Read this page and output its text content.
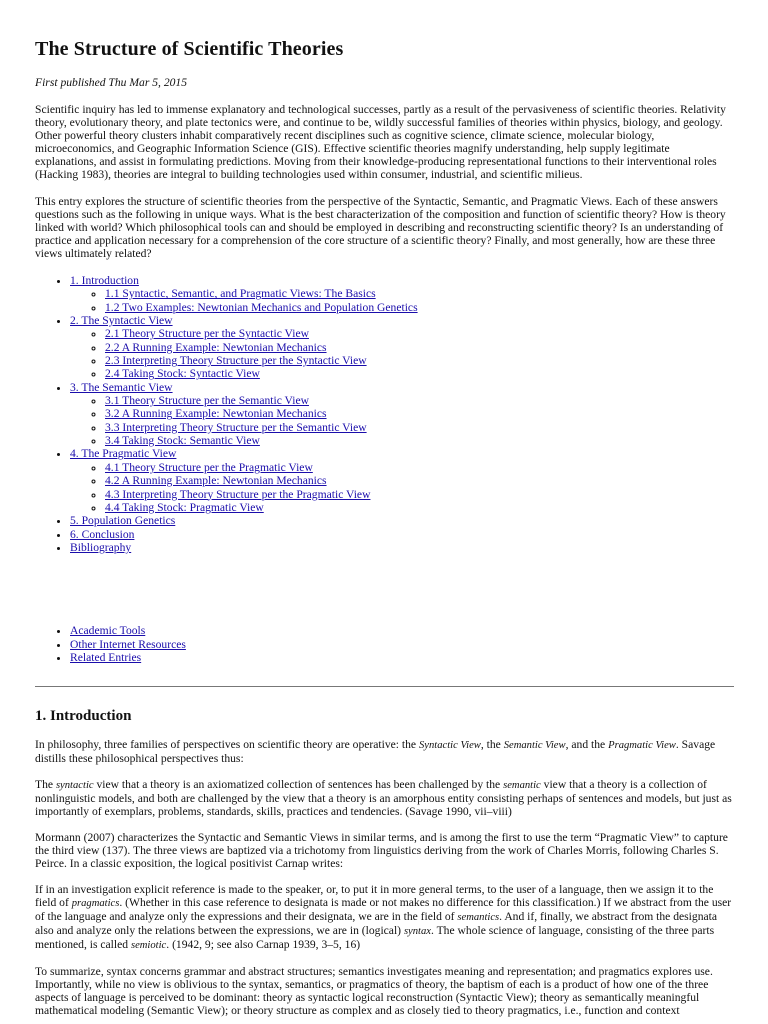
The Structure of Scientific Theories

First published Thu Mar 5, 2015

Scientific inquiry has led to immense explanatory and technological successes, partly as a result of the pervasiveness of scientific theories. Relativity theory, evolutionary theory, and plate tectonics were, and continue to be, wildly successful families of theories within physics, biology, and geology. Other powerful theory clusters inhabit comparatively recent disciplines such as cognitive science, climate science, molecular biology, microeconomics, and Geographic Information Science (GIS). Effective scientific theories magnify understanding, help supply legitimate explanations, and assist in formulating predictions. Moving from their knowledge-producing representational functions to their interventional roles (Hacking 1983), theories are integral to building technologies used within consumer, industrial, and scientific milieus.

This entry explores the structure of scientific theories from the perspective of the Syntactic, Semantic, and Pragmatic Views. Each of these answers questions such as the following in unique ways. What is the best characterization of the composition and function of scientific theory? How is theory linked with world? Which philosophical tools can and should be employed in describing and reconstructing scientific theory? Is an understanding of practice and application necessary for a comprehension of the core structure of a scientific theory? Finally, and most generally, how are these three views ultimately related?

• 1. Introduction
◦ 1.1 Syntactic, Semantic, and Pragmatic Views: The Basics
◦ 1.2 Two Examples: Newtonian Mechanics and Population Genetics
• 2. The Syntactic View
◦ 2.1 Theory Structure per the Syntactic View
◦ 2.2 A Running Example: Newtonian Mechanics
◦ 2.3 Interpreting Theory Structure per the Syntactic View
◦ 2.4 Taking Stock: Syntactic View
• 3. The Semantic View
◦ 3.1 Theory Structure per the Semantic View
◦ 3.2 A Running Example: Newtonian Mechanics
◦ 3.3 Interpreting Theory Structure per the Semantic View
◦ 3.4 Taking Stock: Semantic View
• 4. The Pragmatic View
◦ 4.1 Theory Structure per the Pragmatic View
◦ 4.2 A Running Example: Newtonian Mechanics
◦ 4.3 Interpreting Theory Structure per the Pragmatic View
◦ 4.4 Taking Stock: Pragmatic View
• 5. Population Genetics
• 6. Conclusion
• Bibliography
• Academic Tools
• Other Internet Resources
• Related Entries
1. Introduction

In philosophy, three families of perspectives on scientific theory are operative: the Syntactic View, the Semantic View, and the Pragmatic View. Savage distills these philosophical perspectives thus:

The syntactic view that a theory is an axiomatized collection of sentences has been challenged by the semantic view that a theory is a collection of nonlinguistic models, and both are challenged by the view that a theory is an amorphous entity consisting perhaps of sentences and models, but just as importantly of exemplars, problems, standards, skills, practices and tendencies. (Savage 1990, vii–viii)

Mormann (2007) characterizes the Syntactic and Semantic Views in similar terms, and is among the first to use the term “Pragmatic View” to capture the third view (137). The three views are baptized via a trichotomy from linguistics deriving from the work of Charles Morris, following Charles S. Peirce. In a classic exposition, the logical positivist Carnap writes:

If in an investigation explicit reference is made to the speaker, or, to put it in more general terms, to the user of a language, then we assign it to the field of pragmatics. (Whether in this case reference to designata is made or not makes no difference for this classification.) If we abstract from the user of the language and analyze only the expressions and their designata, we are in the field of semantics. And if, finally, we abstract from the designata also and analyze only the relations between the expressions, we are in (logical) syntax. The whole science of language, consisting of the three parts mentioned, is called semiotic. (1942, 9; see also Carnap 1939, 3–5, 16)

To summarize, syntax concerns grammar and abstract structures; semantics investigates meaning and representation; and pragmatics explores use. Importantly, while no view is oblivious to the syntax, semantics, or pragmatics of theory, the baptism of each is a product of how one of the three aspects of language is perceived to be dominant: theory as syntactic logical reconstruction (Syntactic View); theory as semantically meaningful mathematical modeling (Semantic View); or theory structure as complex and as closely tied to theory pragmatics, i.e., function and context
